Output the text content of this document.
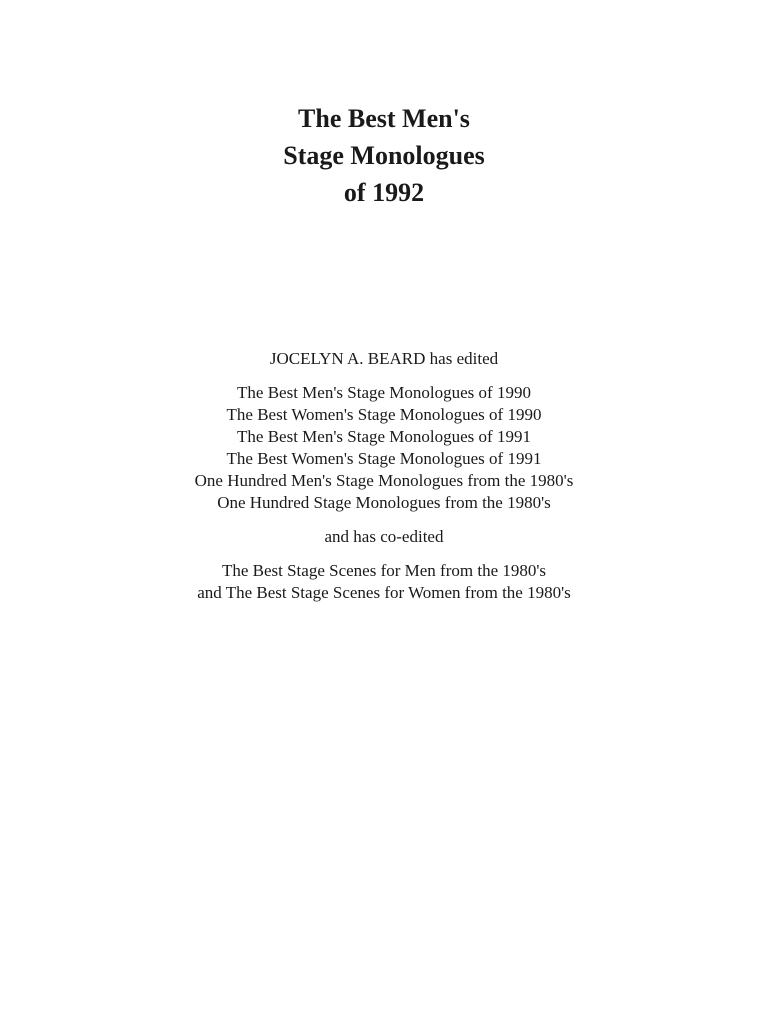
The Best Men's
Stage Monologues
of 1992
JOCELYN A. BEARD has edited
The Best Men's Stage Monologues of 1990
The Best Women's Stage Monologues of 1990
The Best Men's Stage Monologues of 1991
The Best Women's Stage Monologues of 1991
One Hundred Men's Stage Monologues from the 1980's
One Hundred Stage Monologues from the 1980's
and has co-edited
The Best Stage Scenes for Men from the 1980's
and The Best Stage Scenes for Women from the 1980's
